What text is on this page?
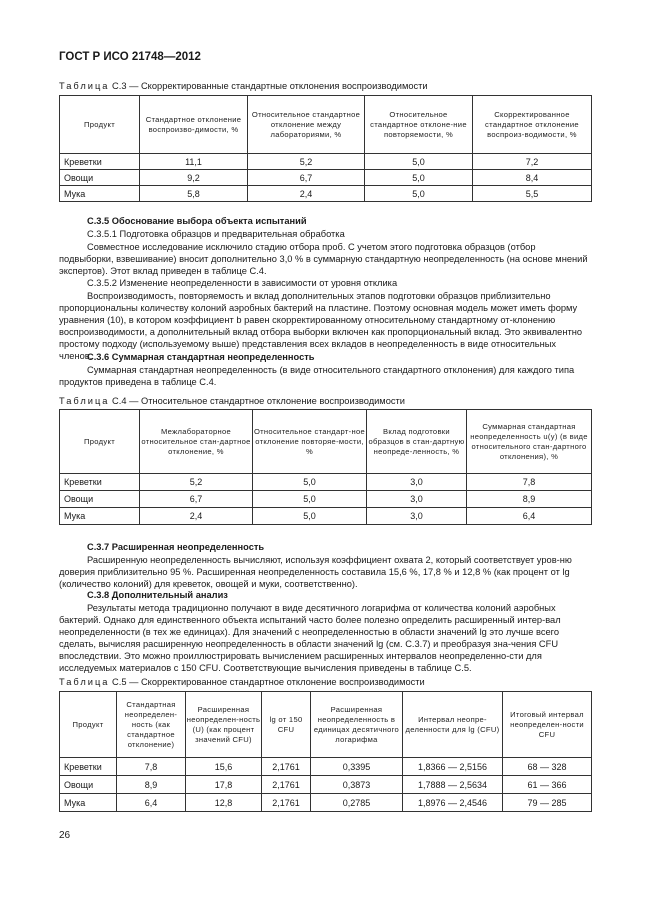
ГОСТ Р ИСО 21748—2012
Таблица С.3 — Скорректированные стандартные отклонения воспроизводимости
Продукт	Стандартное отклонение воспроизво-димости, %	Относительное стандартное отклонение между лабораториями, %	Относительное стандартное отклоне-ние повторяемости, %	Скорректированное стандартное отклонение воспроиз-водимости, %
Креветки	11,1	5,2	5,0	7,2
Овощи	9,2	6,7	5,0	8,4
Мука	5,8	2,4	5,0	5,5
С.3.5 Обоснование выбора объекта испытаний
С.3.5.1 Подготовка образцов и предварительная обработка
Совместное исследование исключило стадию отбора проб. С учетом этого подготовка образцов (отбор подвыборки, взвешивание) вносит дополнительно 3,0 % в суммарную стандартную неопределенность (на основе мнений экспертов). Этот вклад приведен в таблице С.4.
С.3.5.2 Изменение неопределенности в зависимости от уровня отклика
Воспроизводимость, повторяемость и вклад дополнительных этапов подготовки образцов приблизительно пропорциональны количеству колоний аэробных бактерий на пластине. Поэтому основная модель может иметь форму уравнения (10), в котором коэффициент b равен скорректированному относительному стандартному от-клонению воспроизводимости, а дополнительный вклад отбора выборки включен как пропорциональный вклад. Это эквивалентно простому подходу (используемому выше) представления всех вкладов в неопределенность в виде относительных членов.
С.3.6 Суммарная стандартная неопределенность
Суммарная стандартная неопределенность (в виде относительного стандартного отклонения) для каждого типа продуктов приведена в таблице С.4.
Таблица С.4 — Относительное стандартное отклонение воспроизводимости
Продукт	Межлабораторное относительное стан-дартное отклонение, %	Относительное стандарт-ное отклонение повторяе-мости, %	Вклад подготовки образцов в стан-дартную неопреде-ленность, %	Суммарная стандартная неопределенность u(y) (в виде относительного стан-дартного отклонения), %
Креветки	5,2	5,0	3,0	7,8
Овощи	6,7	5,0	3,0	8,9
Мука	2,4	5,0	3,0	6,4
С.3.7 Расширенная неопределенность
Расширенную неопределенность вычисляют, используя коэффициент охвата 2, который соответствует уров-ню доверия приблизительно 95 %. Расширенная неопределенность составила 15,6 %, 17,8 % и 12,8 % (как процент от lg (количество колоний) для креветок, овощей и муки, соответственно).
С.3.8 Дополнительный анализ
Результаты метода традиционно получают в виде десятичного логарифма от количества колоний аэробных бактерий. Однако для единственного объекта испытаний часто более полезно определить расширенный интер-вал неопределенности (в тех же единицах). Для значений с неопределенностью в области значений lg это лучше всего сделать, вычисляя расширенную неопределенность в области значений lg (см. С.3.7) и преобразуя зна-чения CFU впоследствии. Это можно проиллюстрировать вычислением расширенных интервалов неопределенно-сти для исследуемых материалов с 150 CFU. Соответствующие вычисления приведены в таблице С.5.
Таблица С.5 — Скорректированное стандартное отклонение воспроизводимости
Продукт	Стандартная неопределен-ность (как стандартное отклонение)	Расширенная неопределен-ность (U) (как процент значений CFU)	lg от 150 CFU	Расширенная неопределенность в единицах десятичного логарифма	Интервал неопре-деленности для lg (CFU)	Итоговый интервал неопределен-ности CFU
Креветки	7,8	15,6	2,1761	0,3395	1,8366 — 2,5156	68 — 328
Овощи	8,9	17,8	2,1761	0,3873	1,7888 — 2,5634	61 — 366
Мука	6,4	12,8	2,1761	0,2785	1,8976 — 2,4546	79 — 285
26
